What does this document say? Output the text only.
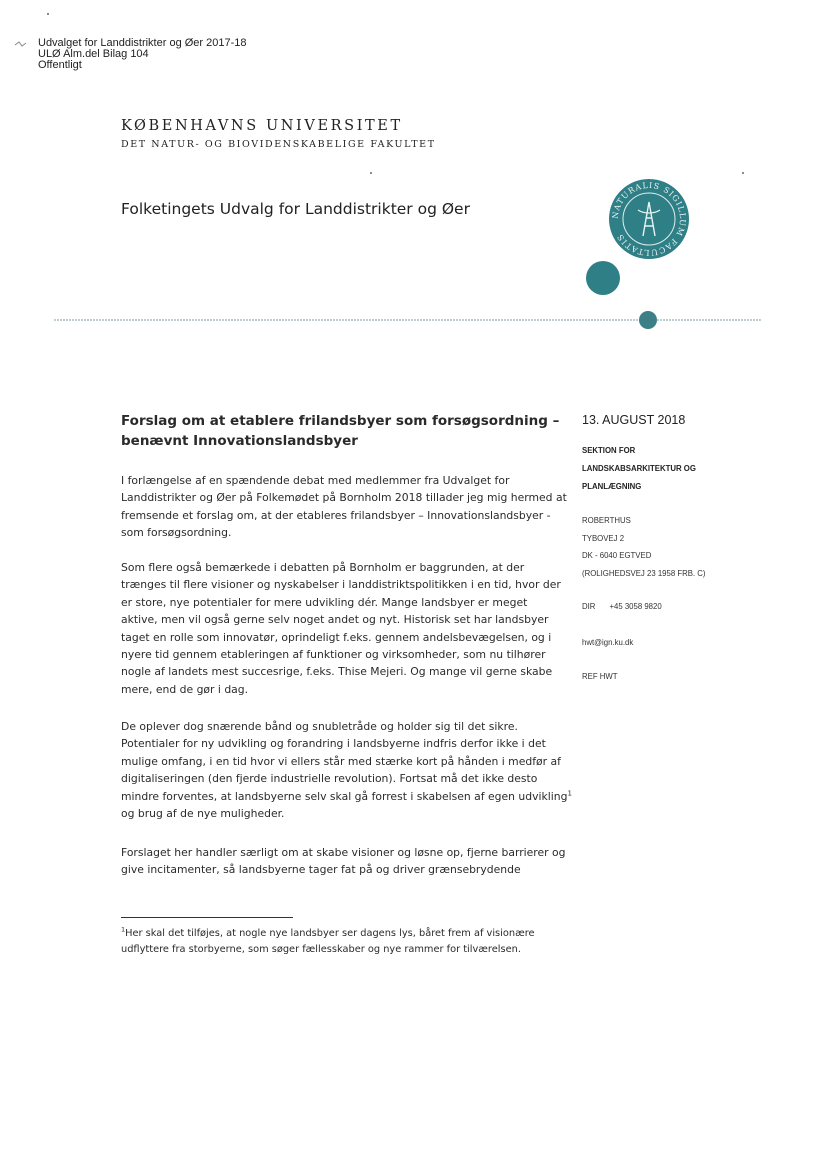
Udvalget for Landdistrikter og Øer 2017-18
ULØ Alm.del Bilag 104
Offentligt
KØBENHAVNS UNIVERSITET
DET NATUR- OG BIOVIDENSKABELIGE FAKULTET
Folketingets Udvalg for Landdistrikter og Øer	NATURALIS SIGILLUM FACULTATIS
Forslag om at etablere frilandsbyer som forsøgsordning –
benævnt Innovationslandsbyer
I forlængelse af en spændende debat med medlemmer fra Udvalget for
Landdistrikter og Øer på Folkemødet på Bornholm 2018 tillader jeg mig hermed at
fremsende et forslag om, at der etableres frilandsbyer – Innovationslandsbyer -
som forsøgsordning.
Som flere også bemærkede i debatten på Bornholm er baggrunden, at der
trænges til flere visioner og nyskabelser i landdistriktspolitikken i en tid, hvor der
er store, nye potentialer for mere udvikling dér. Mange landsbyer er meget
aktive, men vil også gerne selv noget andet og nyt. Historisk set har landsbyer
taget en rolle som innovatør, oprindeligt f.eks. gennem andelsbevægelsen, og i
nyere tid gennem etableringen af funktioner og virksomheder, som nu tilhører
nogle af landets mest succesrige, f.eks. Thise Mejeri. Og mange vil gerne skabe
mere, end de gør i dag.
De oplever dog snærende bånd og snubletråde og holder sig til det sikre.
Potentialer for ny udvikling og forandring i landsbyerne indfris derfor ikke i det
mulige omfang, i en tid hvor vi ellers står med stærke kort på hånden i medfør af
digitaliseringen (den fjerde industrielle revolution). Fortsat må det ikke desto
mindre forventes, at landsbyerne selv skal gå forrest i skabelsen af egen udvikling$^1$
og brug af de nye muligheder.
Forslaget her handler særligt om at skabe visioner og løsne op, fjerne barrierer og
give incitamenter, så landsbyerne tager fat på og driver grænsebrydende
$^1$Her skal det tilføjes, at nogle nye landsbyer ser dagens lys, båret frem af visionære
udflyttere fra storbyerne, som søger fællesskaber og nye rammer for tilværelsen.
13. AUGUST 2018
SEKTION FOR
LANDSKABSARKITEKTUR OG
PLANLÆGNING
ROBERTHUS
TYBOVEJ 2
DK - 6040 EGTVED
(ROLIGHEDSVEJ 23 1958 FRB. C)
DIR +45 3058 9820
hwt@ign.ku.dk
REF HWT
